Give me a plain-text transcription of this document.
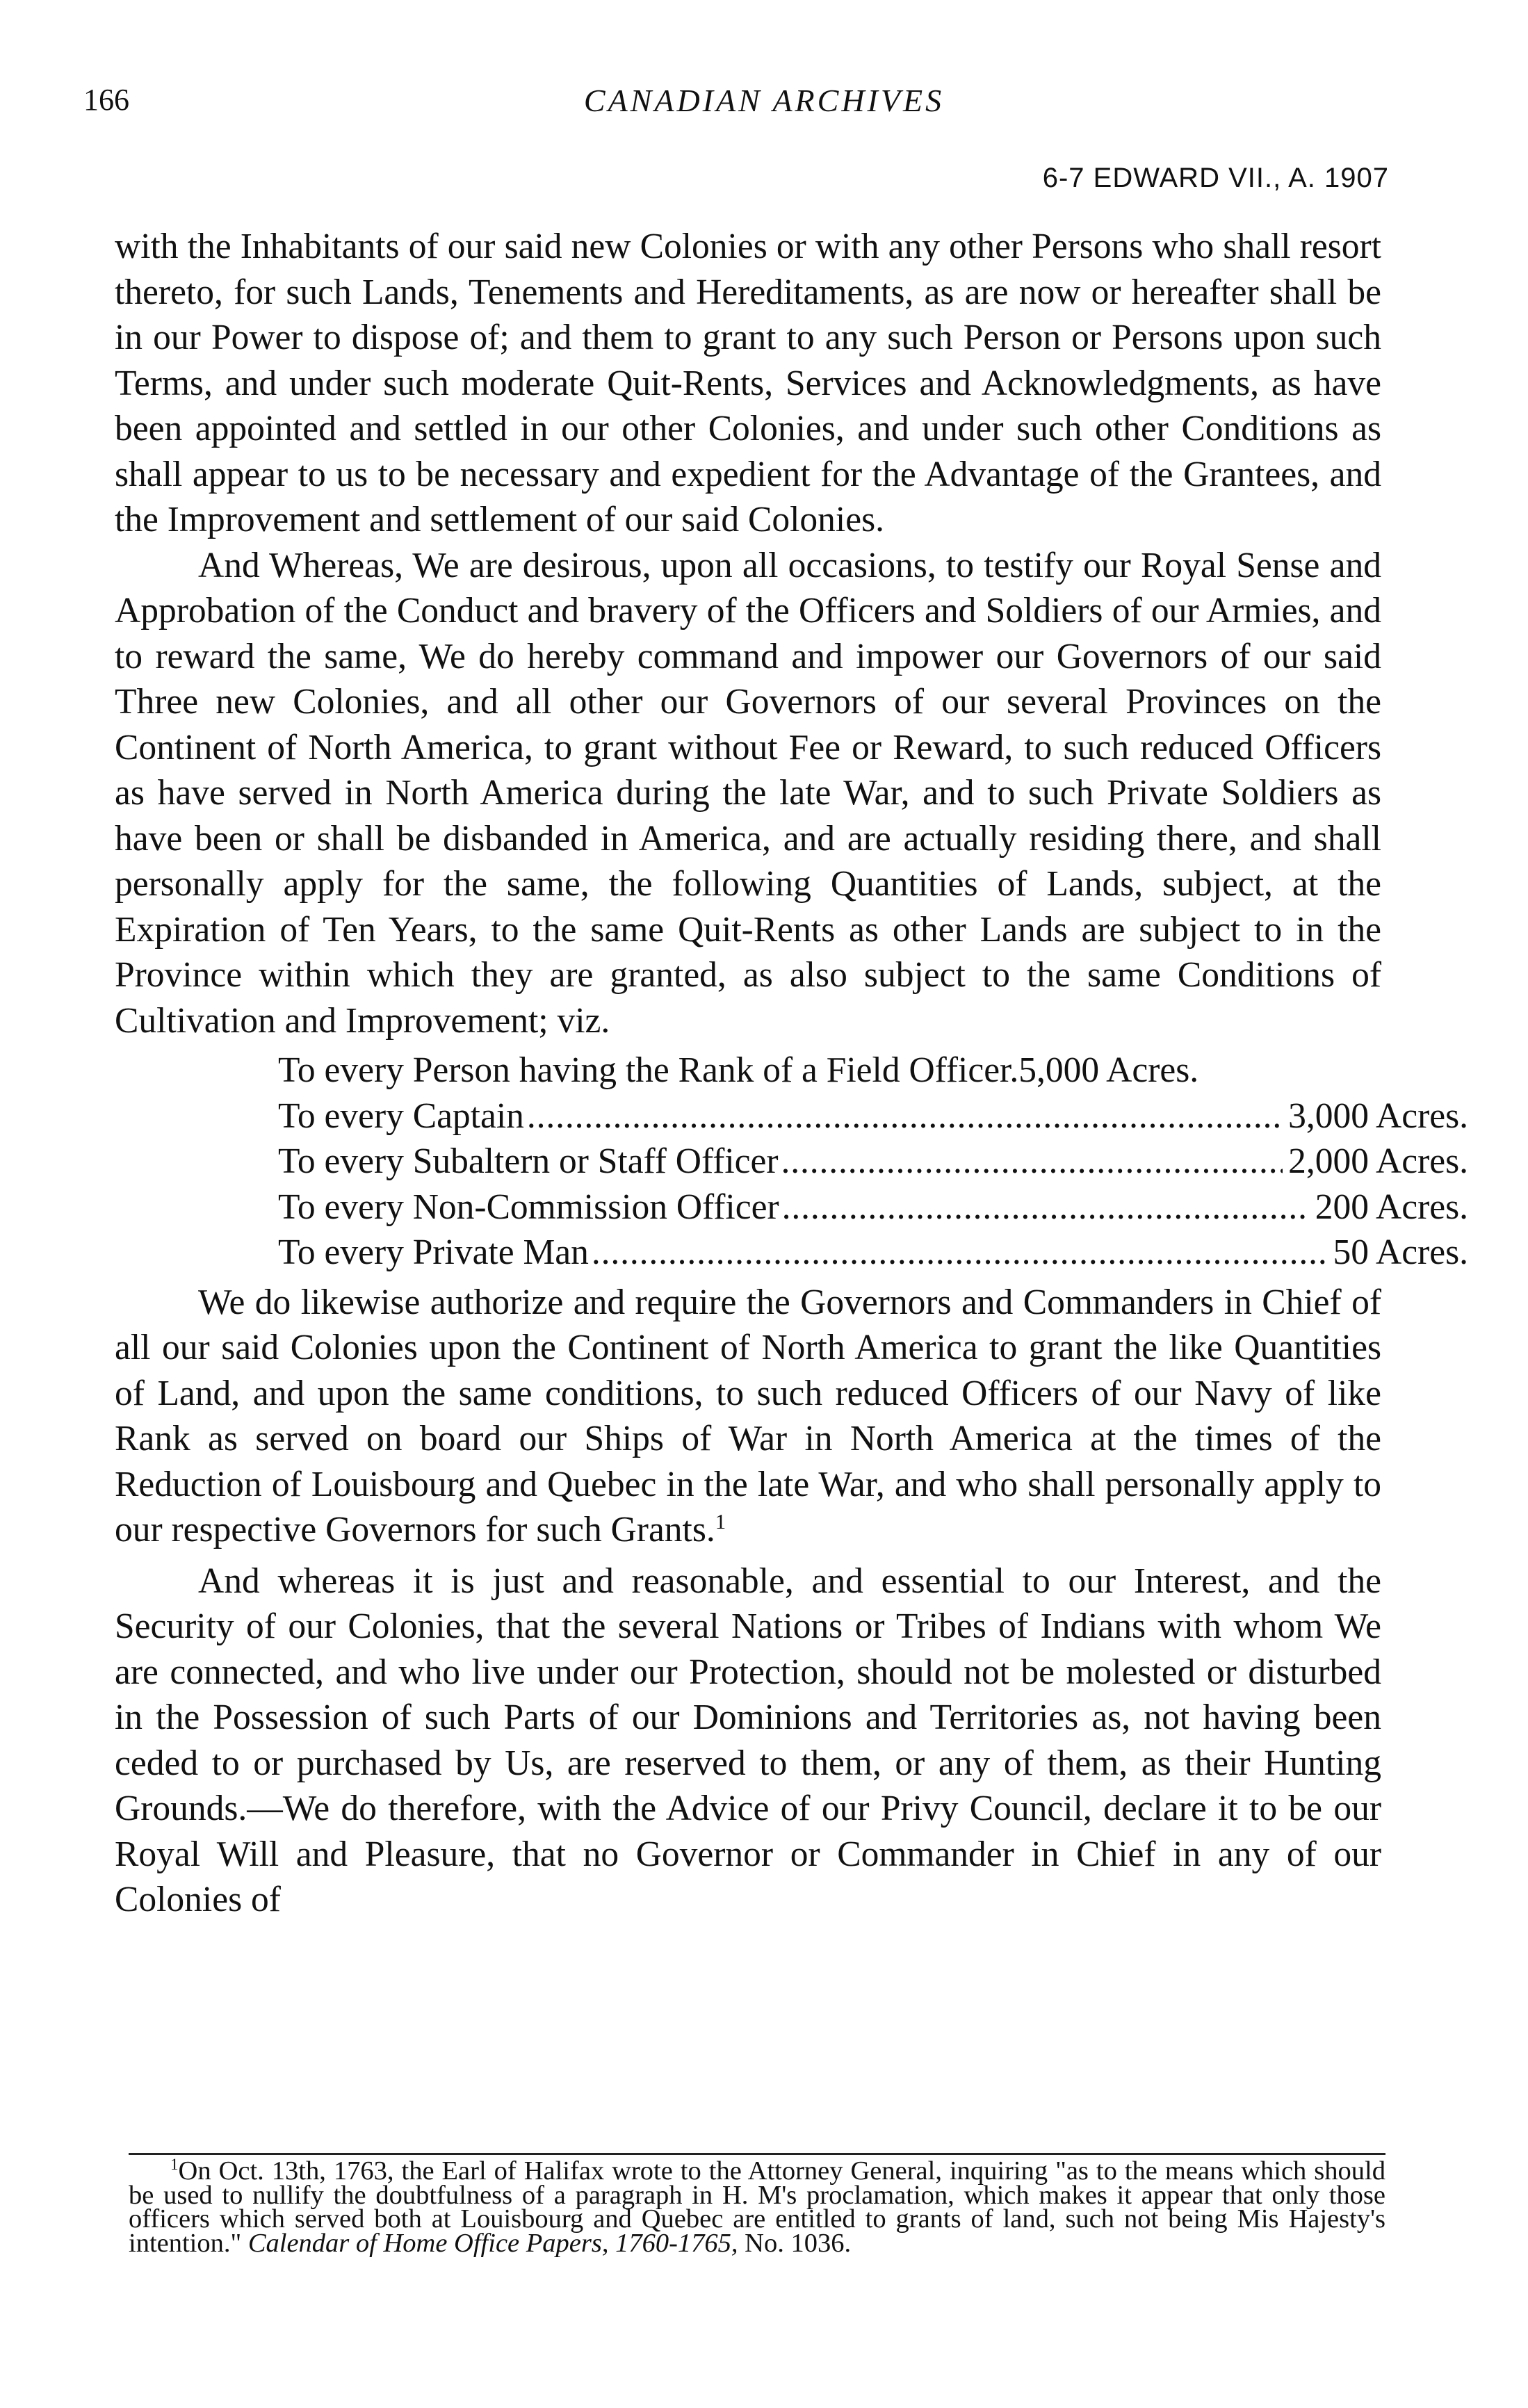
166	CANADIAN ARCHIVES
6-7 EDWARD VII., A. 1907

with the Inhabitants of our said new Colonies or with any other Persons who shall resort thereto, for such Lands, Tenements and Hereditaments, as are now or hereafter shall be in our Power to dispose of; and them to grant to any such Person or Persons upon such Terms, and under such moderate Quit-Rents, Services and Acknowledgments, as have been appointed and settled in our other Colonies, and under such other Conditions as shall appear to us to be necessary and expedient for the Advantage of the Grantees, and the Improvement and settlement of our said Colonies.

And Whereas, We are desirous, upon all occasions, to testify our Royal Sense and Approbation of the Conduct and bravery of the Officers and Soldiers of our Armies, and to reward the same, We do hereby command and impower our Governors of our said Three new Colonies, and all other our Governors of our several Provinces on the Continent of North America, to grant without Fee or Reward, to such reduced Officers as have served in North America during the late War, and to such Private Soldiers as have been or shall be disbanded in America, and are actually residing there, and shall personally apply for the same, the following Quantities of Lands, subject, at the Expiration of Ten Years, to the same Quit-Rents as other Lands are subject to in the Province within which they are granted, as also subject to the same Conditions of Cultivation and Improvement; viz.

To every Person having the Rank of a Field Officer. 5,000 Acres.
To every Captain . . .	3,000 Acres.
To every Subaltern or Staff Officer . . .	2,000 Acres.
To every Non-Commission Officer . . .	200 Acres.
To every Private Man . . .	50 Acres.

We do likewise authorize and require the Governors and Commanders in Chief of all our said Colonies upon the Continent of North America to grant the like Quantities of Land, and upon the same conditions, to such reduced Officers of our Navy of like Rank as served on board our Ships of War in North America at the times of the Reduction of Louisbourg and Quebec in the late War, and who shall personally apply to our respective Governors for such Grants.$^1$

And whereas it is just and reasonable, and essential to our Interest, and the Security of our Colonies, that the several Nations or Tribes of Indians with whom We are connected, and who live under our Protection, should not be molested or disturbed in the Possession of such Parts of our Dominions and Territories as, not having been ceded to or purchased by Us, are reserved to them, or any of them, as their Hunting Grounds.—We do therefore, with the Advice of our Privy Council, declare it to be our Royal Will and Pleasure, that no Governor or Commander in Chief in any of our Colonies of

$^1$On Oct. 13th, 1763, the Earl of Halifax wrote to the Attorney General, inquiring "as to the means which should be used to nullify the doubtfulness of a paragraph in H. M's proclamation, which makes it appear that only those officers which served both at Louisbourg and Quebec are entitled to grants of land, such not being Mis Hajesty's intention." Calendar of Home Office Papers, 1760-1765, No. 1036.
